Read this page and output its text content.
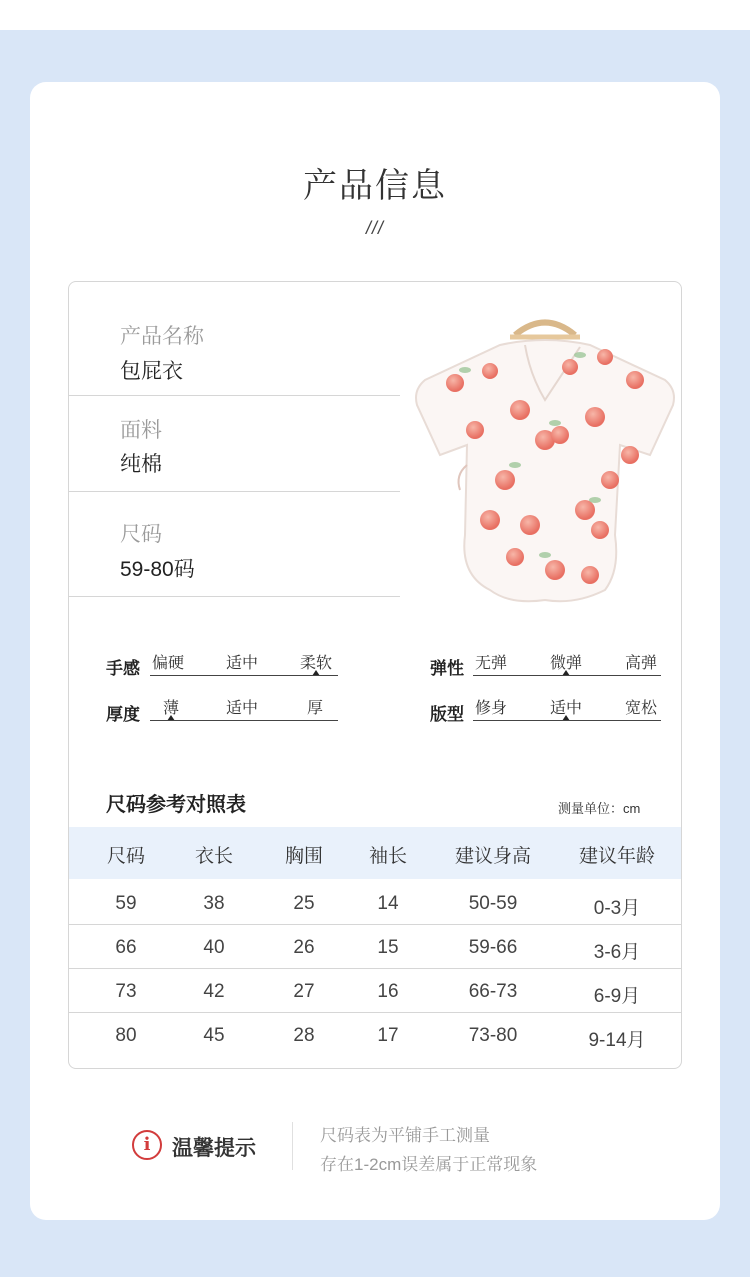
产品信息
///
产品名称
包屁衣
面料
纯棉
尺码
59-80码
手感 偏硬	适中	柔软	弹性 无弹	微弹	高弹
厚度 薄	适中	厚	版型 修身	适中	宽松
尺码参考对照表	测量单位：cm
尺码	衣长	胸围	袖长	建议身高	建议年龄
59	38	25	14	50-59	0-3月
66	40	26	15	59-66	3-6月
73	42	27	16	66-73	6-9月
80	45	28	17	73-80	9-14月
i	温馨提示
尺码表为平铺手工测量
存在1-2cm误差属于正常现象
